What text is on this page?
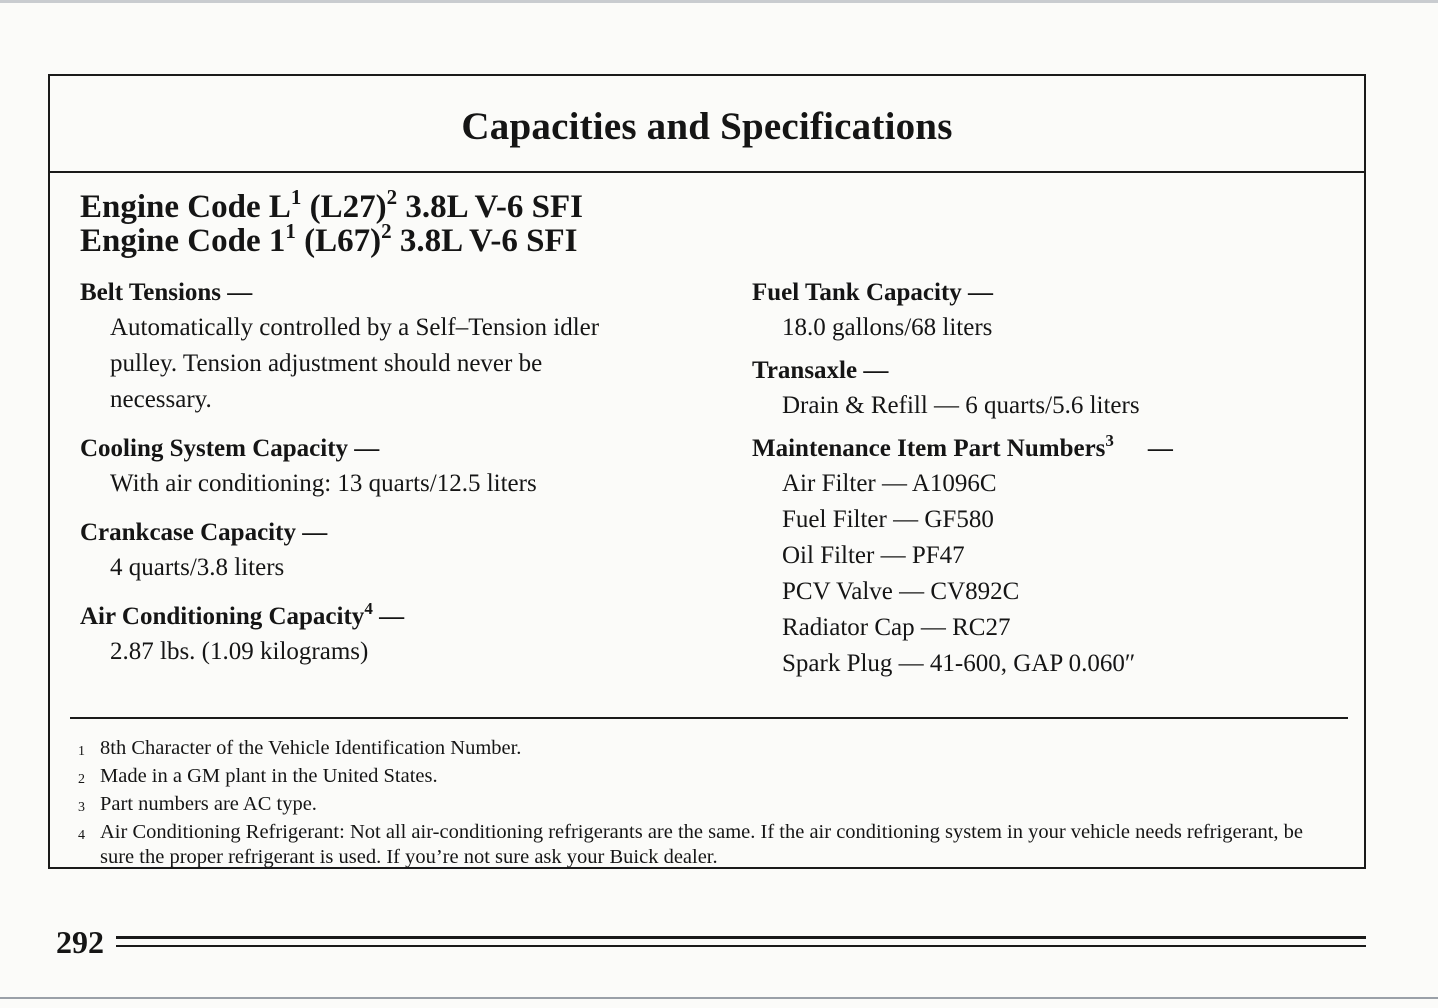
Capacities and Specifications
Engine Code $L^1$ $(L27)^2$ 3.8L V-6 SFI
Engine Code $1^1$ $(L67)^2$ 3.8L V-6 SFI
Belt Tensions —
Automatically controlled by a Self–Tension idler
pulley. Tension adjustment should never be
necessary.
Cooling System Capacity —
With air conditioning: 13 quarts/12.5 liters
Crankcase Capacity —
4 quarts/3.8 liters
Air Conditioning Capacity$^4$ —
2.87 lbs. (1.09 kilograms)
Fuel Tank Capacity —
18.0 gallons/68 liters
Transaxle —
Drain & Refill — 6 quarts/5.6 liters
Maintenance Item Part Numbers$^3$ —
Air Filter — A1096C
Fuel Filter — GF580
Oil Filter — PF47
PCV Valve — CV892C
Radiator Cap — RC27
Spark Plug — 41-600, GAP 0.060″
1 8th Character of the Vehicle Identification Number.
2 Made in a GM plant in the United States.
3 Part numbers are AC type.
4 Air Conditioning Refrigerant: Not all air-conditioning refrigerants are the same. If the air conditioning system in your vehicle needs refrigerant, be sure the proper refrigerant is used. If you’re not sure ask your Buick dealer.
292
